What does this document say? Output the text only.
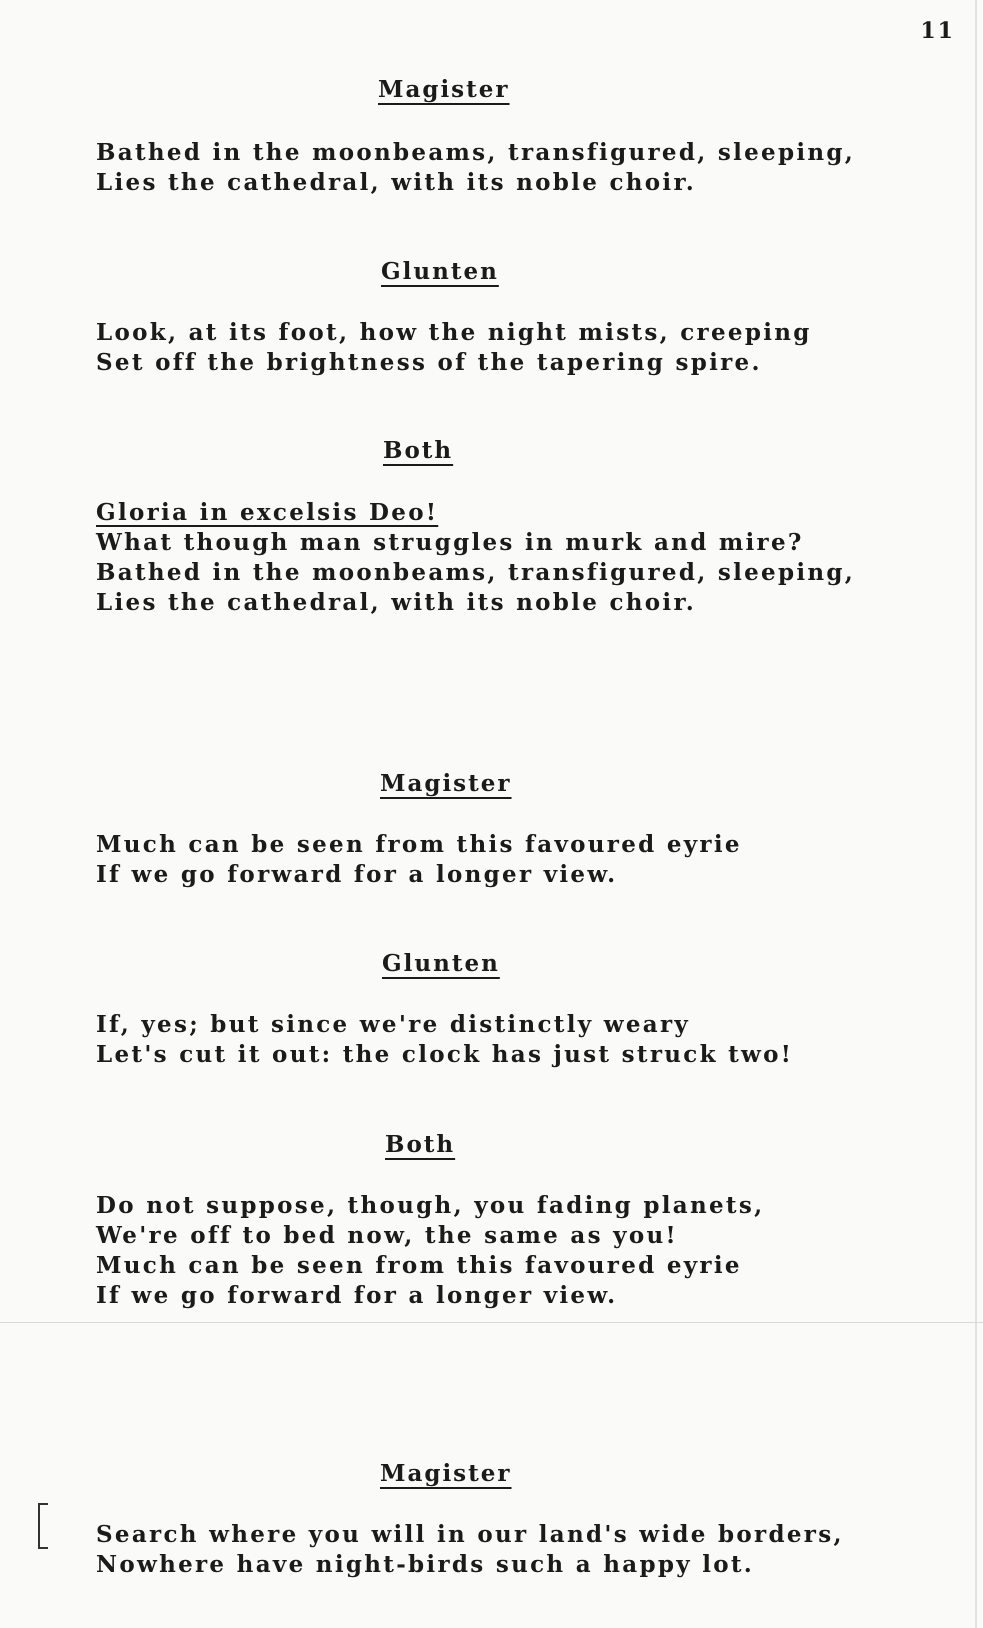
11
Magister
Bathed in the moonbeams, transfigured, sleeping,
Lies the cathedral, with its noble choir.
Glunten
Look, at its foot, how the night mists, creeping
Set off the brightness of the tapering spire.
Both
Gloria in excelsis Deo!
What though man struggles in murk and mire?
Bathed in the moonbeams, transfigured, sleeping,
Lies the cathedral, with its noble choir.
Magister
Much can be seen from this favoured eyrie
If we go forward for a longer view.
Glunten
If, yes; but since we're distinctly weary
Let's cut it out: the clock has just struck two!
Both
Do not suppose, though, you fading planets,
We're off to bed now, the same as you!
Much can be seen from this favoured eyrie
If we go forward for a longer view.
Magister
Search where you will in our land's wide borders,
Nowhere have night-birds such a happy lot.
